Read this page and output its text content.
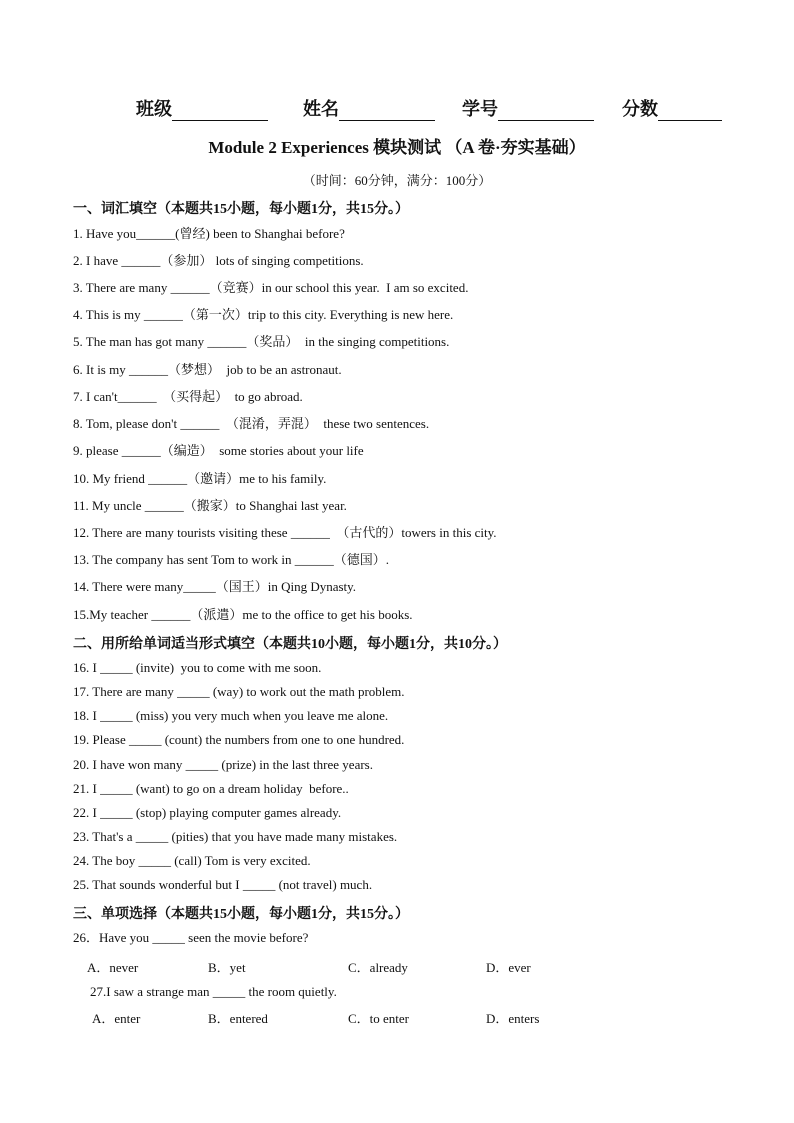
班级	姓名	学号	分数
Module 2 Experiences 模块测试 （A 卷·夯实基础）
（时间：60分钟，满分：100分）
一、词汇填空（本题共15小题，每小题1分，共15分。）
1. Have you______(曾经) been to Shanghai before?
2. I have ______（参加） lots of singing competitions.
3. There are many ______（竞赛）in our school this year.  I am so excited.
4. This is my ______（第一次）trip to this city. Everything is new here.
5. The man has got many ______（奖品）  in the singing competitions.
6. It is my ______（梦想）  job to be an astronaut.
7. I can't______  （买得起）  to go abroad.
8. Tom, please don't ______  （混淆，弄混）  these two sentences.
9. please ______（编造）  some stories about your life
10. My friend ______（邀请）me to his family.
11. My uncle ______（搬家）to Shanghai last year.
12. There are many tourists visiting these ______  （古代的）towers in this city.
13. The company has sent Tom to work in ______（德国）.
14. There were many_____（国王）in Qing Dynasty.
15.My teacher ______（派遣）me to the office to get his books.
二、用所给单词适当形式填空（本题共10小题，每小题1分，共10分。）
16. I _____ (invite)  you to come with me soon.
17. There are many _____ (way) to work out the math problem.
18. I _____ (miss) you very much when you leave me alone.
19. Please _____ (count) the numbers from one to one hundred.
20. I have won many _____ (prize) in the last three years.
21. I _____ (want) to go on a dream holiday  before..
22. I _____ (stop) playing computer games already.
23. That's a _____ (pities) that you have made many mistakes.
24. The boy _____ (call) Tom is very excited.
25. That sounds wonderful but I _____ (not travel) much.
三、单项选择（本题共15小题，每小题1分，共15分。）
26．Have you _____ seen the movie before?
A．never	B．yet	C．already	D．ever
27.I saw a strange man _____ the room quietly.
A．enter	B．entered	C．to enter	D．enters
